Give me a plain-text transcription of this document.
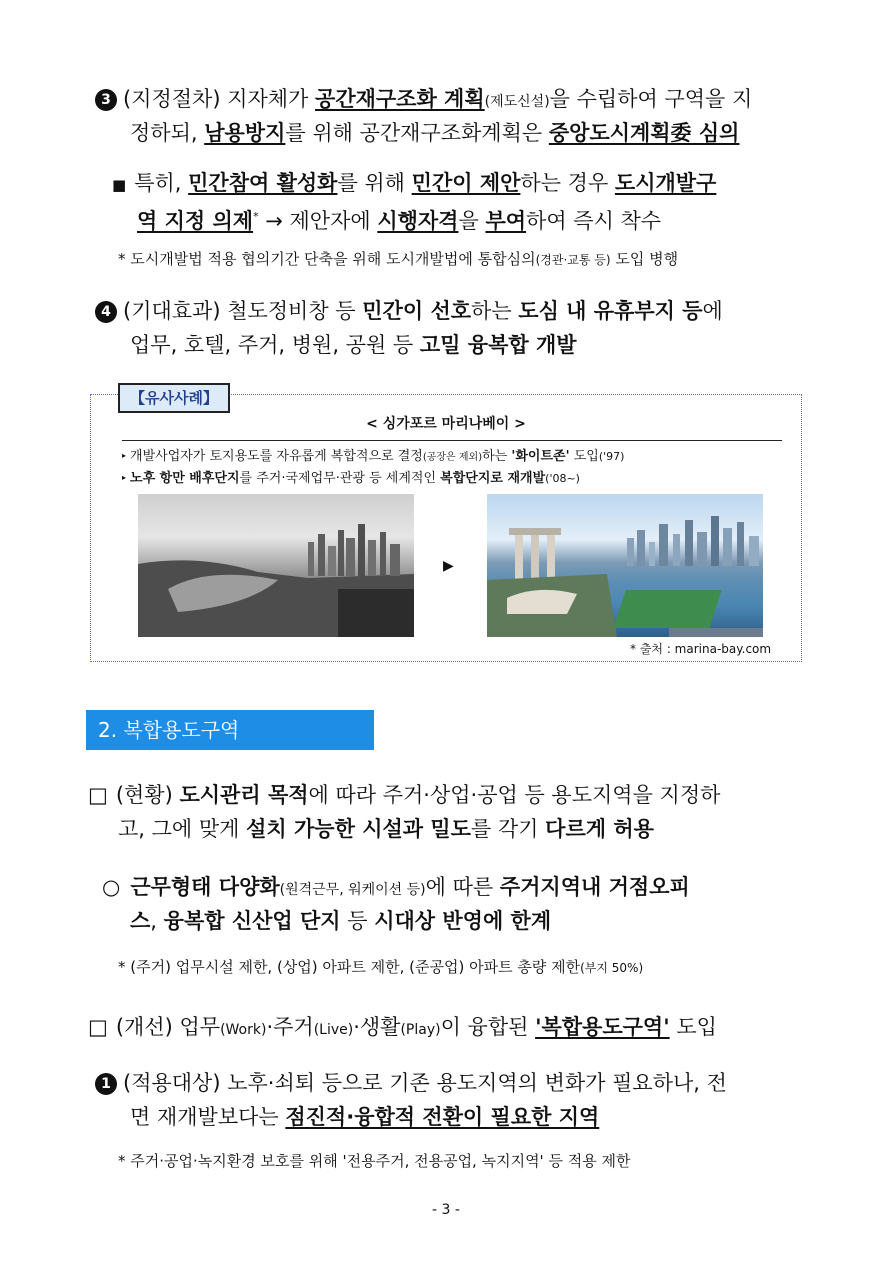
3 (지정절차) 지자체가 공간재구조화 계획(제도신설)을 수립하여 구역을 지
정하되, 남용방지를 위해 공간재구조화계획은 중앙도시계획委 심의
■ 특히, 민간참여 활성화를 위해 민간이 제안하는 경우 도시개발구
역 지정 의제* → 제안자에 시행자격을 부여하여 즉시 착수
* 도시개발법 적용 협의기간 단축을 위해 도시개발법에 통합심의(경관·교통 등) 도입 병행
4 (기대효과) 철도정비창 등 민간이 선호하는 도심 내 유휴부지 등에
업무, 호텔, 주거, 병원, 공원 등 고밀 융복합 개발
【유사사례】
< 싱가포르 마리나베이 >
▸ 개발사업자가 토지용도를 자유롭게 복합적으로 결정(공장은 제외)하는 '화이트존' 도입('97)
▸ 노후 항만 배후단지를 주거·국제업무·관광 등 세계적인 복합단지로 재개발('08~)
▶
* 출처 : marina-bay.com
2. 복합용도구역
□ (현황) 도시관리 목적에 따라 주거·상업·공업 등 용도지역을 지정하
고, 그에 맞게 설치 가능한 시설과 밀도를 각기 다르게 허용
○ 근무형태 다양화(원격근무, 워케이션 등)에 따른 주거지역내 거점오피
스, 융복합 신산업 단지 등 시대상 반영에 한계
* (주거) 업무시설 제한, (상업) 아파트 제한, (준공업) 아파트 총량 제한(부지 50%)
□ (개선) 업무(Work)·주거(Live)·생활(Play)이 융합된 '복합용도구역' 도입
1 (적용대상) 노후·쇠퇴 등으로 기존 용도지역의 변화가 필요하나, 전
면 재개발보다는 점진적·융합적 전환이 필요한 지역
* 주거·공업·녹지환경 보호를 위해 '전용주거, 전용공업, 녹지지역' 등 적용 제한
- 3 -
